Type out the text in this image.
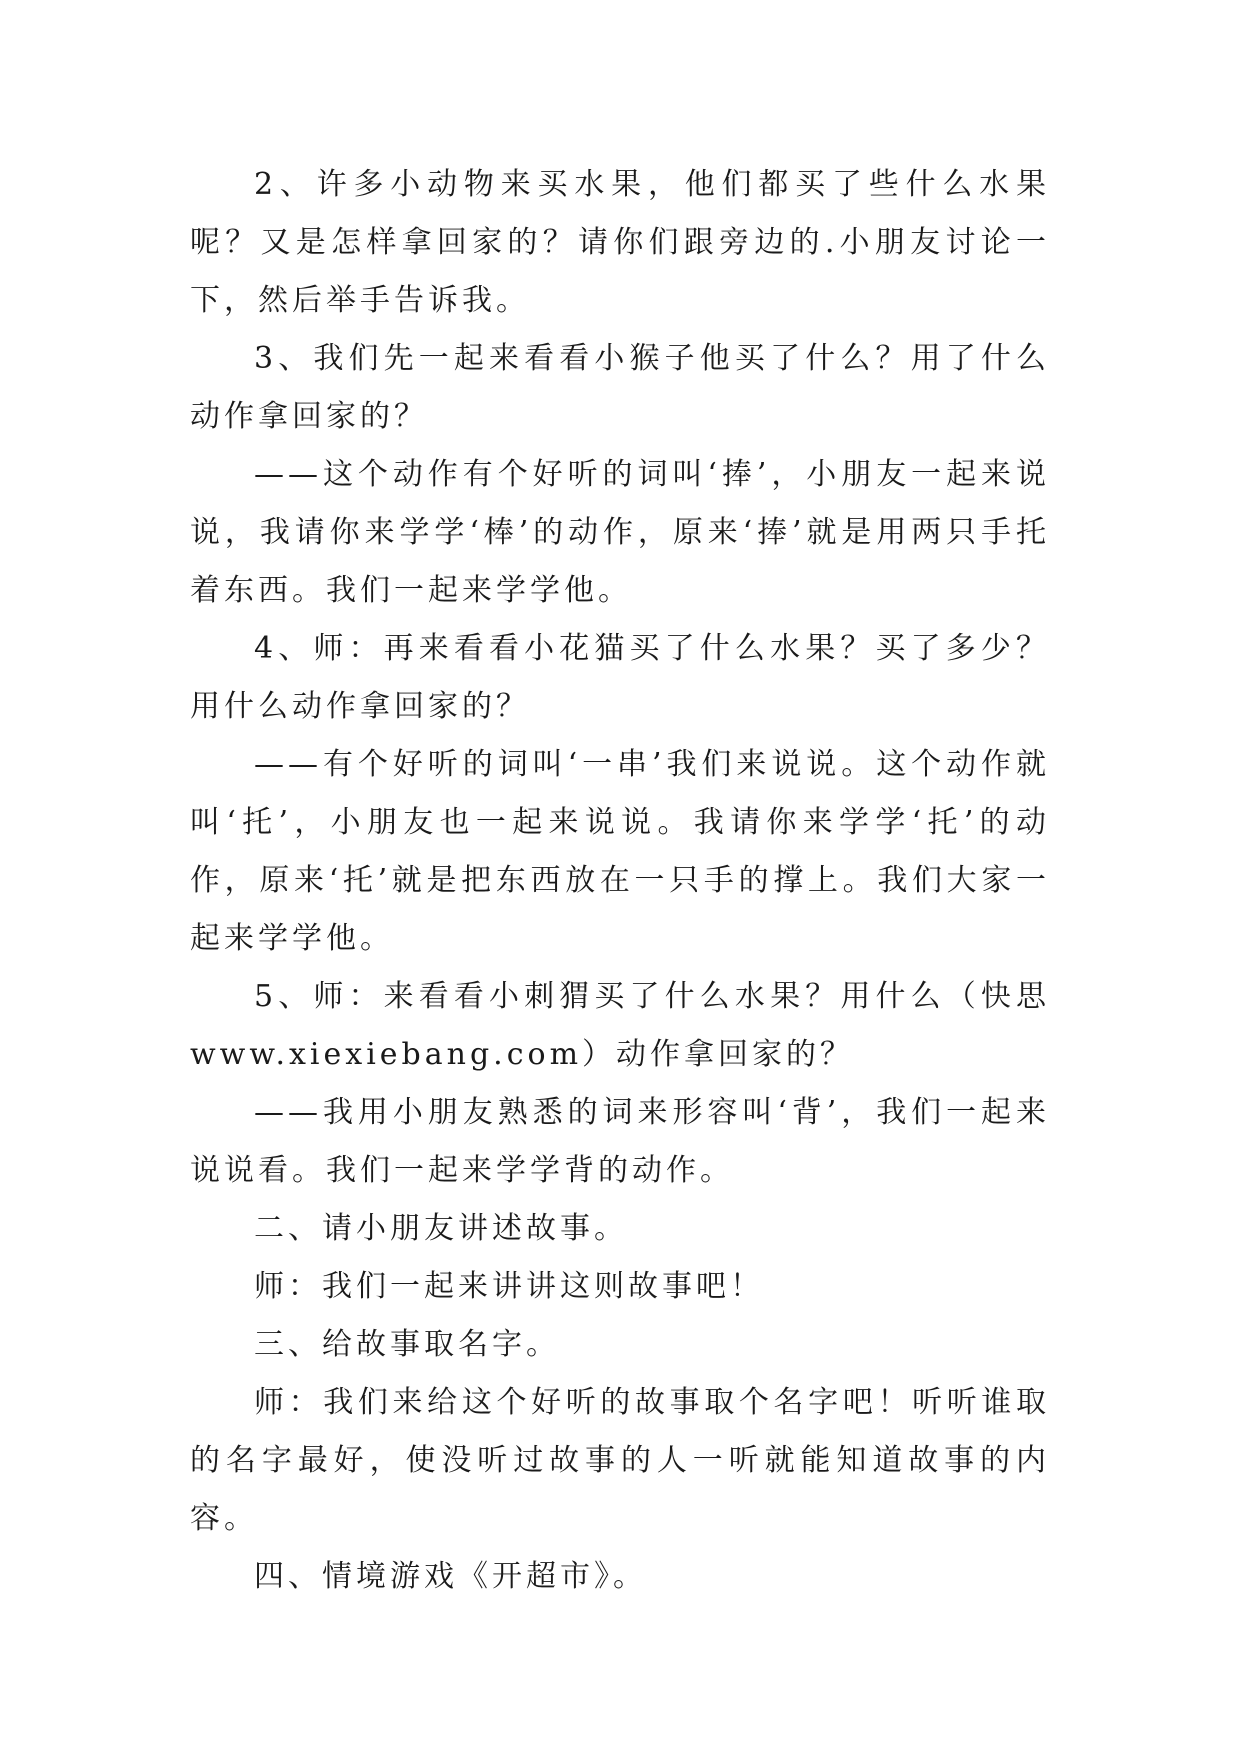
2、许多小动物来买水果，他们都买了些什么水果呢？又是怎样拿回家的？请你们跟旁边的.小朋友讨论一下，然后举手告诉我。

3、我们先一起来看看小猴子他买了什么？用了什么动作拿回家的？

——这个动作有个好听的词叫‘捧’，小朋友一起来说说，我请你来学学‘棒’的动作，原来‘捧’就是用两只手托着东西。我们一起来学学他。

4、师：再来看看小花猫买了什么水果？买了多少？用什么动作拿回家的？

——有个好听的词叫‘一串’我们来说说。这个动作就叫‘托’，小朋友也一起来说说。我请你来学学‘托’的动作，原来‘托’就是把东西放在一只手的撑上。我们大家一起来学学他。

5、师：来看看小刺猬买了什么水果？用什么（快思www.xiexiebang.com）动作拿回家的？

——我用小朋友熟悉的词来形容叫‘背’，我们一起来说说看。我们一起来学学背的动作。

二、请小朋友讲述故事。

师：我们一起来讲讲这则故事吧！

三、给故事取名字。

师：我们来给这个好听的故事取个名字吧！听听谁取的名字最好，使没听过故事的人一听就能知道故事的内容。

四、情境游戏《开超市》。
